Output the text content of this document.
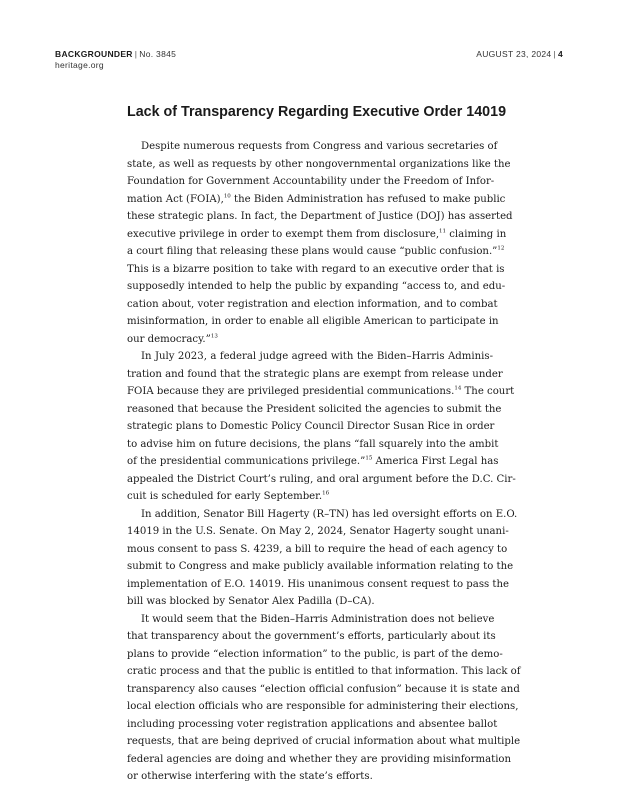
BACKGROUNDER | No. 3845
heritage.org
AUGUST 23, 2024 | 4
Lack of Transparency Regarding Executive Order 14019
Despite numerous requests from Congress and various secretaries of
state, as well as requests by other nongovernmental organizations like the
Foundation for Government Accountability under the Freedom of Infor-
mation Act (FOIA),$^{10}$ the Biden Administration has refused to make public
these strategic plans. In fact, the Department of Justice (DOJ) has asserted
executive privilege in order to exempt them from disclosure,$^{11}$ claiming in
a court filing that releasing these plans would cause “public confusion.”$^{12}$
This is a bizarre position to take with regard to an executive order that is
supposedly intended to help the public by expanding “access to, and edu-
cation about, voter registration and election information, and to combat
misinformation, in order to enable all eligible American to participate in
our democracy.”$^{13}$
In July 2023, a federal judge agreed with the Biden–Harris Adminis-
tration and found that the strategic plans are exempt from release under
FOIA because they are privileged presidential communications.$^{14}$ The court
reasoned that because the President solicited the agencies to submit the
strategic plans to Domestic Policy Council Director Susan Rice in order
to advise him on future decisions, the plans “fall squarely into the ambit
of the presidential communications privilege.”$^{15}$ America First Legal has
appealed the District Court’s ruling, and oral argument before the D.C. Cir-
cuit is scheduled for early September.$^{16}$
In addition, Senator Bill Hagerty (R–TN) has led oversight efforts on E.O.
14019 in the U.S. Senate. On May 2, 2024, Senator Hagerty sought unani-
mous consent to pass S. 4239, a bill to require the head of each agency to
submit to Congress and make publicly available information relating to the
implementation of E.O. 14019. His unanimous consent request to pass the
bill was blocked by Senator Alex Padilla (D–CA).
It would seem that the Biden–Harris Administration does not believe
that transparency about the government’s efforts, particularly about its
plans to provide “election information” to the public, is part of the demo-
cratic process and that the public is entitled to that information. This lack of
transparency also causes “election official confusion” because it is state and
local election officials who are responsible for administering their elections,
including processing voter registration applications and absentee ballot
requests, that are being deprived of crucial information about what multiple
federal agencies are doing and whether they are providing misinformation
or otherwise interfering with the state’s efforts.
